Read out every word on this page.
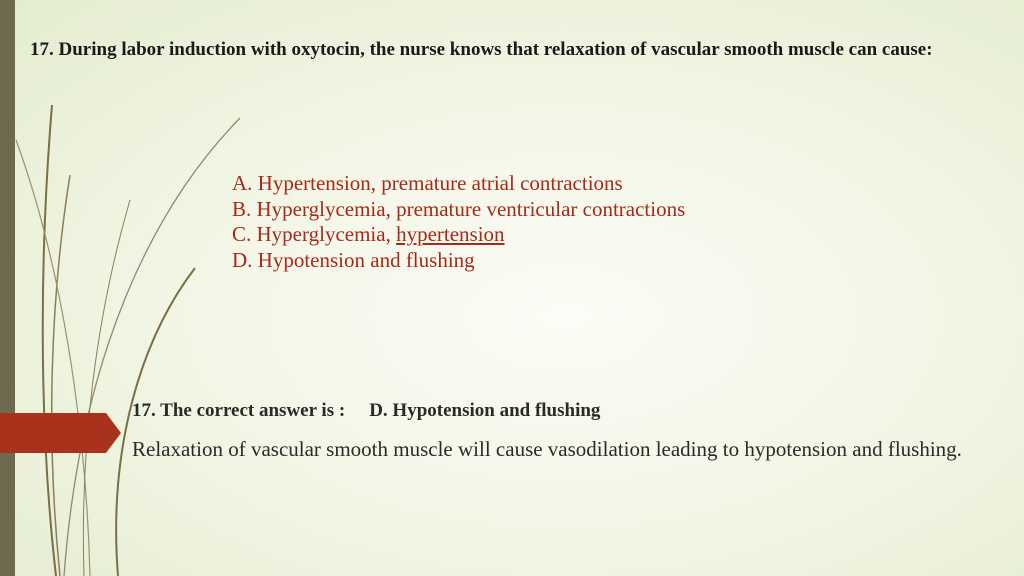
17. During labor induction with oxytocin, the nurse knows that relaxation of vascular smooth muscle can cause:

A. Hypertension, premature atrial contractions
B. Hyperglycemia, premature ventricular contractions
C. Hyperglycemia, hypertension
D. Hypotension and flushing
17. The correct answer is : D. Hypotension and flushing

Relaxation of vascular smooth muscle will cause vasodilation leading to hypotension and flushing.
